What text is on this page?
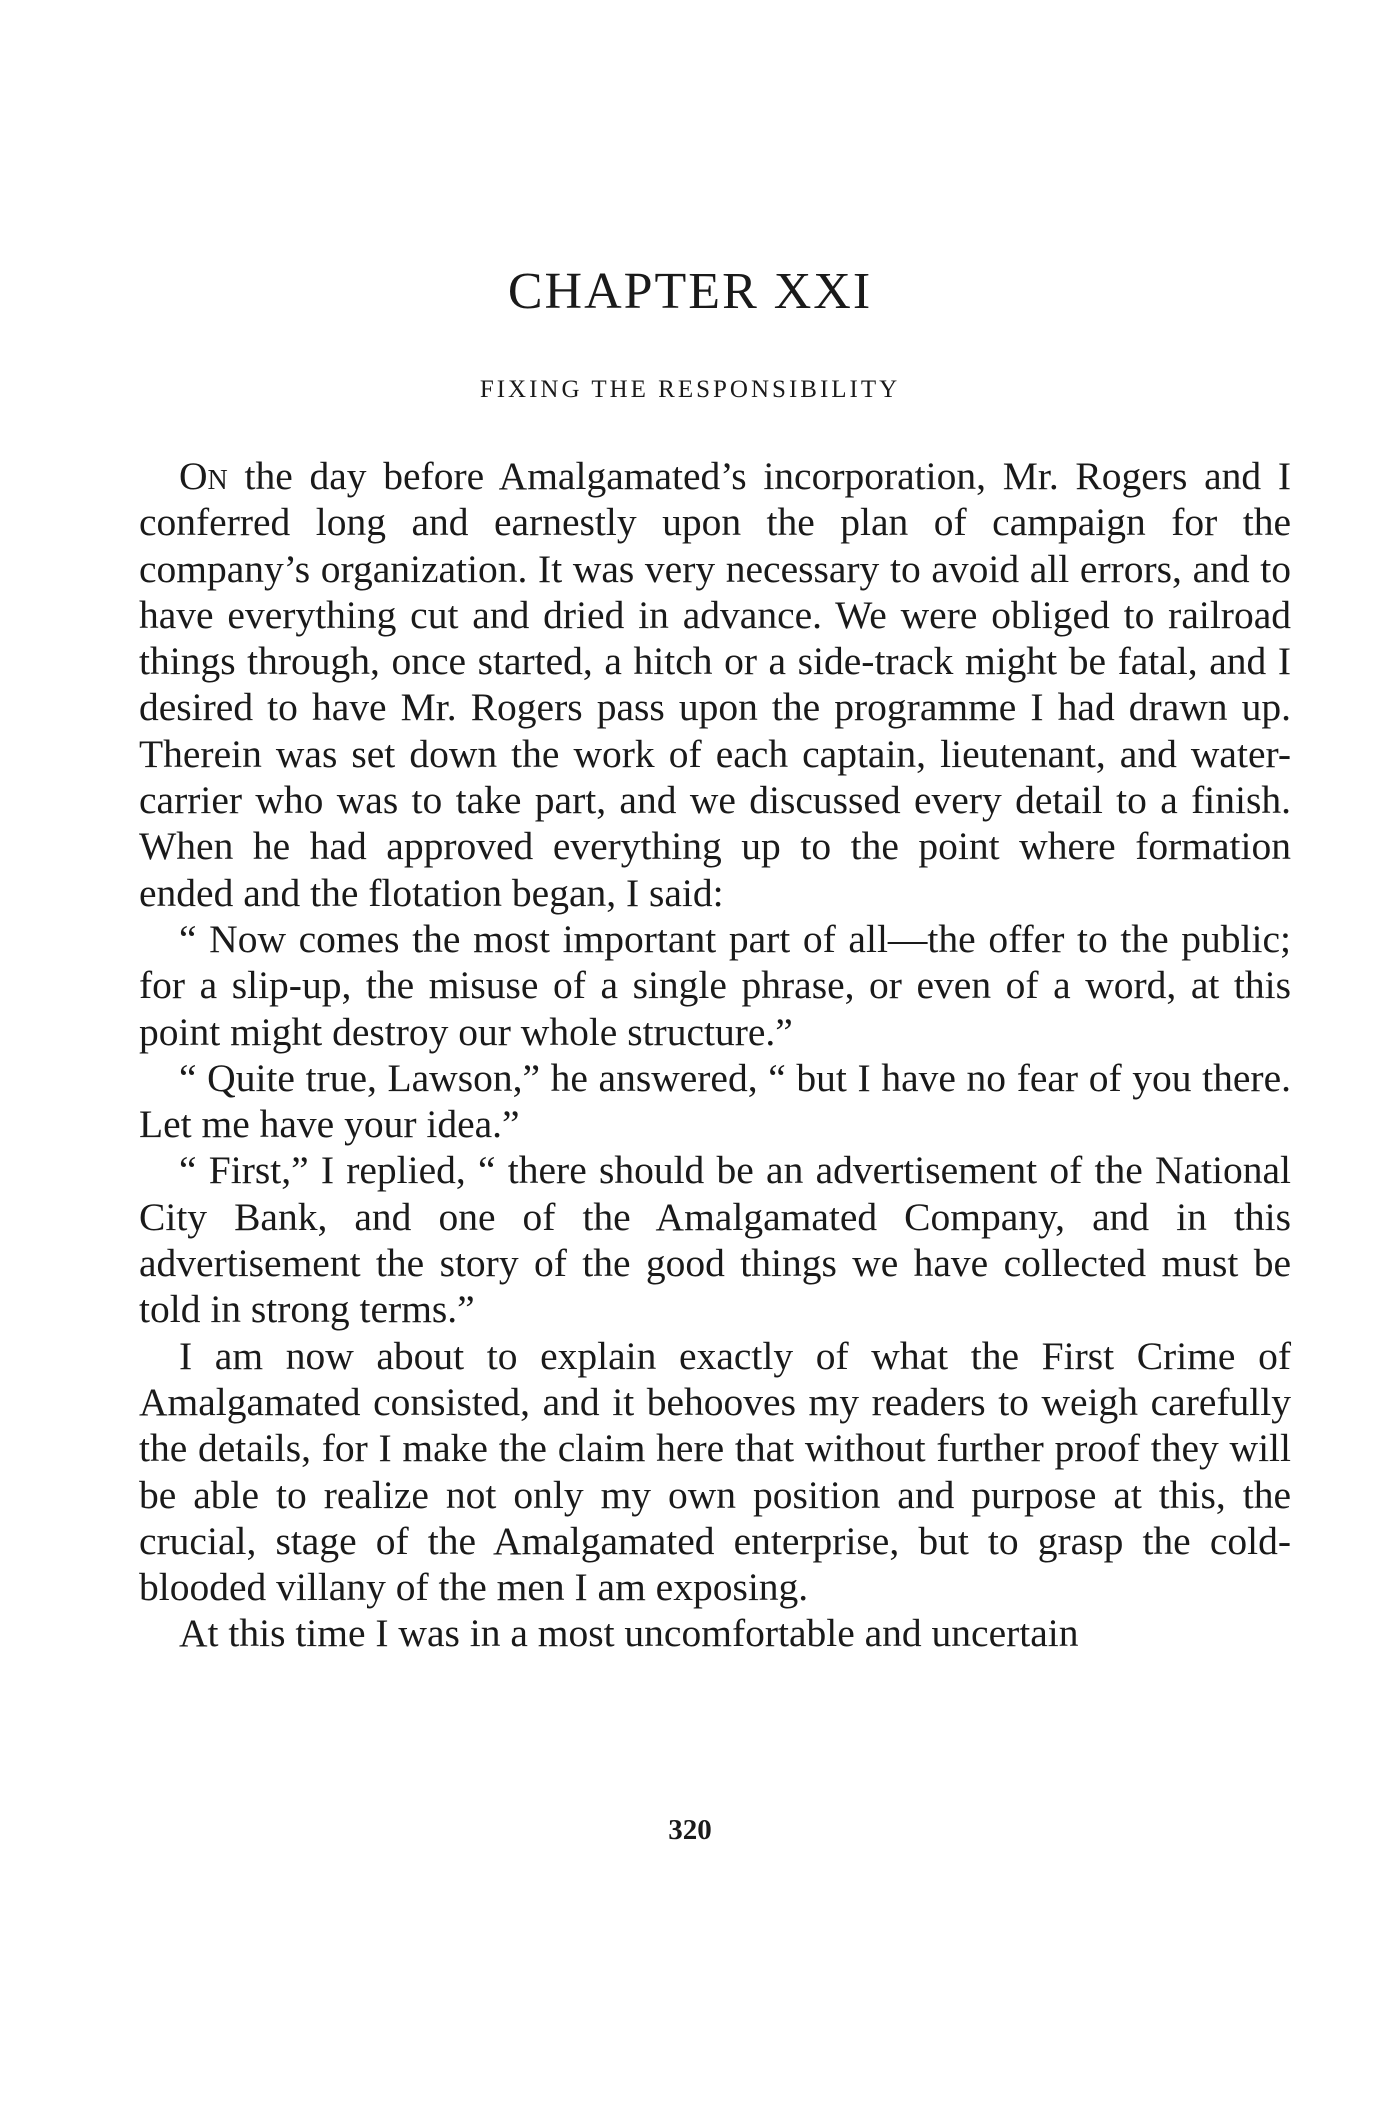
CHAPTER XXI
FIXING THE RESPONSIBILITY

On the day before Amalgamated’s incorporation, Mr. Rogers and I conferred long and earnestly upon the plan of campaign for the company’s organization. It was very necessary to avoid all errors, and to have everything cut and dried in advance. We were obliged to railroad things through, once started, a hitch or a side-track might be fatal, and I desired to have Mr. Rogers pass upon the programme I had drawn up. Therein was set down the work of each captain, lieutenant, and water-carrier who was to take part, and we discussed every detail to a finish. When he had approved everything up to the point where formation ended and the flotation began, I said:

“ Now comes the most important part of all—the offer to the public; for a slip-up, the misuse of a single phrase, or even of a word, at this point might destroy our whole structure.”

“ Quite true, Lawson,” he answered, “ but I have no fear of you there. Let me have your idea.”

“ First,” I replied, “ there should be an advertisement of the National City Bank, and one of the Amalgamated Company, and in this advertisement the story of the good things we have collected must be told in strong terms.”

I am now about to explain exactly of what the First Crime of Amalgamated consisted, and it behooves my readers to weigh carefully the details, for I make the claim here that without further proof they will be able to realize not only my own position and purpose at this, the crucial, stage of the Amalgamated enterprise, but to grasp the cold-blooded villany of the men I am exposing.

At this time I was in a most uncomfortable and uncertain

320
